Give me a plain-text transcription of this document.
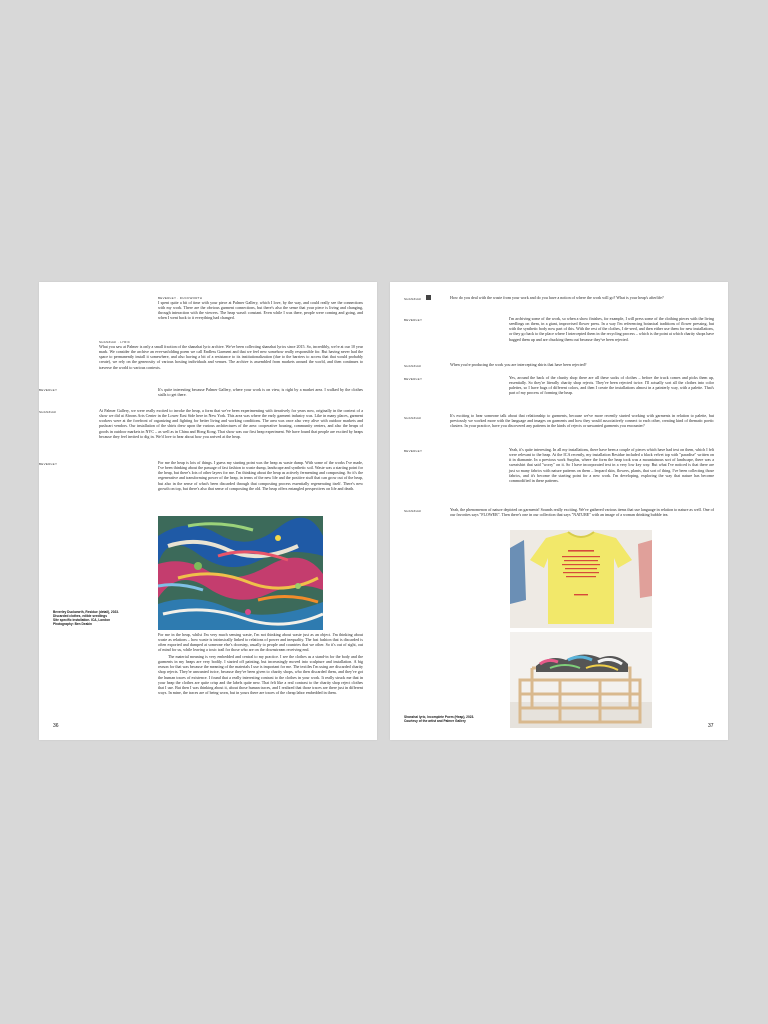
BEVERLEY · DUCKWORTH
I spent quite a bit of time with your piece at Palmer Gallery, which I love, by the way, and could really see the connections with my work. There are the obvious garment connections, but there's also the sense that your piece is living and changing, through interaction with the viewers. The heap wasn't constant. Even while I was there, people were coming and going, and when I went back to it everything had changed.
SHANZHAI · LYRIC
What you saw at Palmer is only a small fraction of the shanzhai lyric archive. We've been collecting shanzhai lyrics since 2015. So, incredibly, we're at our 10 year mark. We consider the archive an ever-unfolding poem we call Endless Garment and that we feel new somehow really responsible for. But having never had the space to permanently install it somewhere, and also having a bit of a resistance to its institutionalization (due to the barriers to access that that would probably create), we rely on the generosity of various hosting individuals and venues. The archive is assembled from markets around the world, and then continues to traverse the world to various contexts.
BEVERLEY	It's quite interesting because Palmer Gallery, where your work is on view, is right by a market area. I walked by the clothes stalls to get there.
SHANZHAI	At Palmer Gallery, we were really excited to invoke the heap, a form that we've been experimenting with iteratively for years now, originally in the context of a show we did at Abrons Arts Center in the Lower East Side here in New York. This area was where the early garment industry was. Like in many places, garment workers were at the forefront of organizing and fighting for better living and working conditions. The area was once also very alive with outdoor markets and pushcart vendors. Our installation of the shirts drew upon the various architectures of the area: cooperative housing, community centers, and also the heaps of goods in outdoor markets in NYC – as well as in China and Hong Kong. That show was our first heap experiment. We have found that people are excited by heaps because they feel invited to dig in. We'd love to hear about how you arrived at the heap.
BEVERLEY	For me the heap is lots of things. I guess my starting point was the heap as waste dump. With some of the works I've made, I've been thinking about the passage of fast fashion to waste dump, landscape and synthetic soil. Waste was a starting point for the heap, but there's lots of other layers for me. I'm thinking about the heap as actively fermenting and composting. So it's the regenerative and transforming power of the heap, in terms of the new life and the positive stuff that can grow out of the heap, but also in the sense of what's been discarded through that composting process essentially regenerating itself. There's new growth on top, but there's also that sense of composting the old. The heap offers entangled perspectives on life and death.
For me in the heap, whilst I'm very much sensing waste, I'm not thinking about waste just as an object. I'm thinking about waste as relations – how waste is intrinsically linked to relations of power and inequality. The fast fashion that is discarded is often exported and dumped at someone else's doorstep, usually to people and countries that we other. So it's out of sight, out of mind for us, while leaving a toxic trail for those who are on the downstream receiving end.
The material meaning is very embedded and central to my practice. I see the clothes as a stand-in for the body and the garments in my heaps are very bodily. I started off painting, but increasingly moved into sculpture and installation. A big reason for that was because the meaning of the materials I use is important for me. The textiles I'm using are discarded charity shop rejects. They're unwanted twice, because they've been given to charity shops, who then discarded them, and they've got the human traces of existence. I found that a really interesting contrast to the clothes in your work. It really struck me that in your heap the clothes are quite crisp and the labels quite new. That felt like a real contrast to the charity shop reject clothes that I use. But then I was thinking about it, about those human traces, and I realized that those traces are there just in different ways. In mine, the traces are of being worn, but in yours there are traces of the cheap labor embedded in them.
Beverley Duckworth, Residue (detail), 2023.
Discarded clothes, edible seedlings
Site specific installation. ICA, London
Photography: Ben Deakin
36
SHANZHAI	How do you deal with the waste from your work and do you have a notion of where the work will go? What is your heap's afterlife?
BEVERLEY	I'm archiving some of the work, so when a show finishes, for example, I will press some of the clothing pieces with the living seedlings on them, in a giant, improvised flower press. In a way I'm referencing botanical traditions of flower pressing, but with the synthetic body now part of this. With the rest of the clothes, I de-seed, and then either use them for new installations, or they go back to the place where I intercepted them in the recycling process – which is the point at which charity shops have bagged them up and are chucking them out because they've been rejected.
SHANZHAI	When you're producing the work you are intercepting shirts that have been rejected?
BEVERLEY	Yes, around the back of the charity shop there are all these sacks of clothes – before the truck comes and picks them up, essentially. So they're literally charity shop rejects. They've been rejected twice. I'll actually sort all the clothes into color palettes, so I have bags of different colors, and then I create the installations almost in a painterly way, with a palette. That's part of my process of forming the heap.
SHANZHAI	It's exciting to hear someone talk about that relationship to garments, because we've more recently started working with garments in relation to palette, but previously we worked more with the language and images on garments and how they would associatively connect to each other, creating kind of thematic poetic clusters. In your practice, have you discovered any patterns in the kinds of rejects or unwanted garments you encounter?
BEVERLEY	Yeah, it's quite interesting. In all my installations, there have been a couple of pieces which have had text on them, which I felt were relevant to the heap. At the ICA recently, my installation Residue included a black velvet top with "paradise" written on it in diamante. In a previous work Surplus, where the form the heap took was a mountainous sort of landscape, there was a sweatshirt that said "worry" on it. So I have incorporated text in a very low key way. But what I've noticed is that there are just so many fabrics with nature patterns on them – leopard skin, flowers, plants, that sort of thing. I've been collecting those fabrics, and it's become the starting point for a new work. I'm developing, exploring the way that nature has become commodified in these patterns.
SHANZHAI	Yeah, the phenomenon of nature depicted on garments! Sounds really exciting. We've gathered various items that use language in relation to nature as well. One of our favorites says "FLOWER". Then there's one in our collection that says "NATURE" with an image of a woman drinking bubble tea.
Shanzhai lyric, Incomplete Poem (Heap), 2023.
Courtesy of the artist and Palmer Gallery
37
